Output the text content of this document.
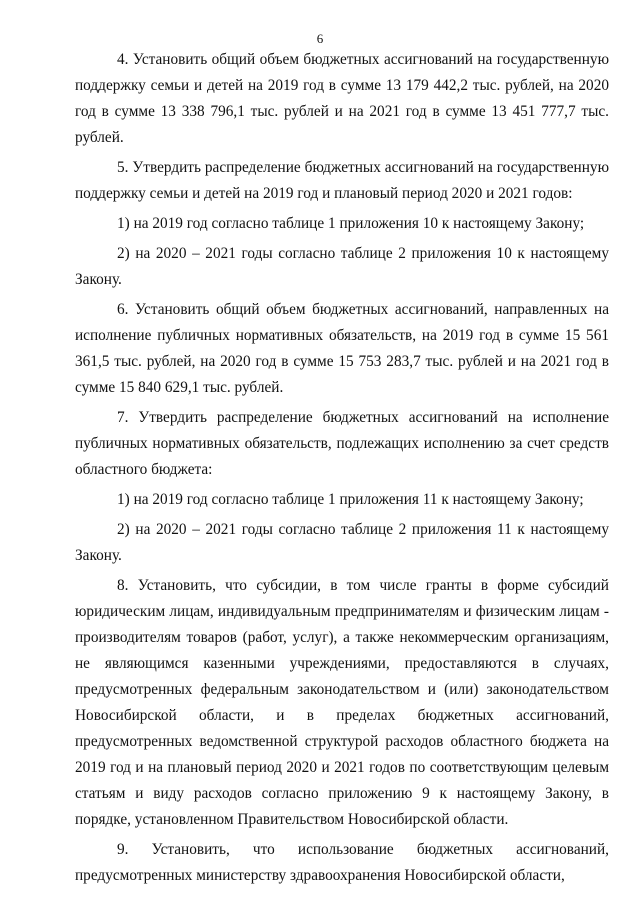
6

4. Установить общий объем бюджетных ассигнований на государственную поддержку семьи и детей на 2019 год в сумме 13 179 442,2 тыс. рублей, на 2020 год в сумме 13 338 796,1 тыс. рублей и на 2021 год в сумме 13 451 777,7 тыс. рублей.

5. Утвердить распределение бюджетных ассигнований на государственную поддержку семьи и детей на 2019 год и плановый период 2020 и 2021 годов:

1) на 2019 год согласно таблице 1 приложения 10 к настоящему Закону;

2) на 2020 – 2021 годы согласно таблице 2 приложения 10 к настоящему Закону.

6. Установить общий объем бюджетных ассигнований, направленных на исполнение публичных нормативных обязательств, на 2019 год в сумме 15 561 361,5 тыс. рублей, на 2020 год в сумме 15 753 283,7 тыс. рублей и на 2021 год в сумме 15 840 629,1 тыс. рублей.

7. Утвердить распределение бюджетных ассигнований на исполнение публичных нормативных обязательств, подлежащих исполнению за счет средств областного бюджета:

1) на 2019 год согласно таблице 1 приложения 11 к настоящему Закону;

2) на 2020 – 2021 годы согласно таблице 2 приложения 11 к настоящему Закону.

8. Установить, что субсидии, в том числе гранты в форме субсидий юридическим лицам, индивидуальным предпринимателям и физическим лицам - производителям товаров (работ, услуг), а также некоммерческим организациям, не являющимся казенными учреждениями, предоставляются в случаях, предусмотренных федеральным законодательством и (или) законодательством Новосибирской области, и в пределах бюджетных ассигнований, предусмотренных ведомственной структурой расходов областного бюджета на 2019 год и на плановый период 2020 и 2021 годов по соответствующим целевым статьям и виду расходов согласно приложению 9 к настоящему Закону, в порядке, установленном Правительством Новосибирской области.

9. Установить, что использование бюджетных ассигнований, предусмотренных министерству здравоохранения Новосибирской области,
